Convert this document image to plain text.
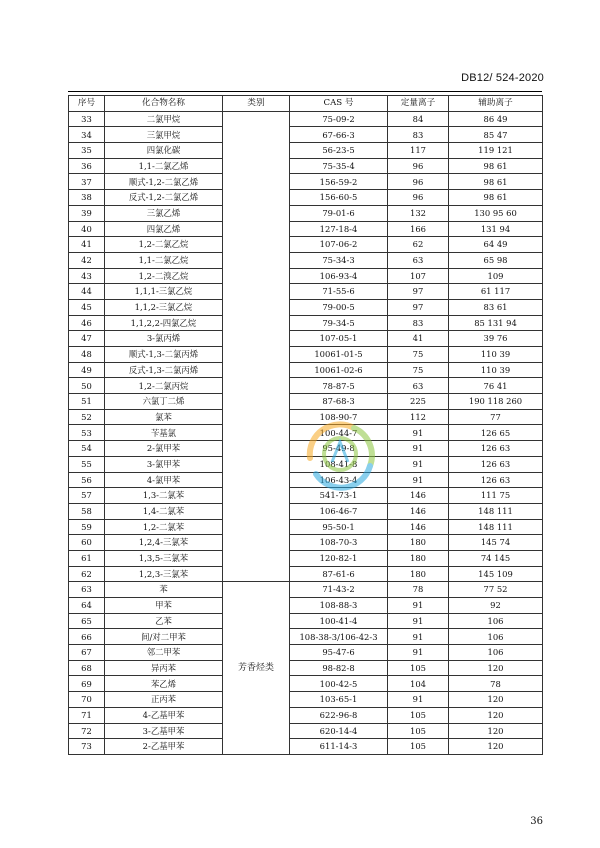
DB12/ 524-2020
序号	化合物名称	类别	CAS 号	定量离子	辅助离子
33	二氯甲烷		75-09-2	84	86 49
34	三氯甲烷		67-66-3	83	85 47
35	四氯化碳		56-23-5	117	119 121
36	1,1-二氯乙烯		75-35-4	96	98 61
37	顺式-1,2-二氯乙烯		156-59-2	96	98 61
38	反式-1,2-二氯乙烯		156-60-5	96	98 61
39	三氯乙烯		79-01-6	132	130 95 60
40	四氯乙烯		127-18-4	166	131 94
41	1,2-二氯乙烷		107-06-2	62	64 49
42	1,1-二氯乙烷		75-34-3	63	65 98
43	1,2-二溴乙烷		106-93-4	107	109
44	1,1,1-三氯乙烷		71-55-6	97	61 117
45	1,1,2-三氯乙烷		79-00-5	97	83 61
46	1,1,2,2-四氯乙烷		79-34-5	83	85 131 94
47	3-氯丙烯		107-05-1	41	39 76
48	顺式-1,3-二氯丙烯		10061-01-5	75	110 39
49	反式-1,3-二氯丙烯		10061-02-6	75	110 39
50	1,2-二氯丙烷		78-87-5	63	76 41
51	六氯丁二烯		87-68-3	225	190 118 260
52	氯苯		108-90-7	112	77
53	苄基氯		100-44-7	91	126 65
54	2-氯甲苯		95-49-8	91	126 63
55	3-氯甲苯		108-41-8	91	126 63
56	4-氯甲苯		106-43-4	91	126 63
57	1,3-二氯苯		541-73-1	146	111 75
58	1,4-二氯苯		106-46-7	146	148 111
59	1,2-二氯苯		95-50-1	146	148 111
60	1,2,4-三氯苯		108-70-3	180	145 74
61	1,3,5-三氯苯		120-82-1	180	74 145
62	1,2,3-三氯苯		87-61-6	180	145 109
63	苯	芳香烃类	71-43-2	78	77 52
64	甲苯		108-88-3	91	92
65	乙苯		100-41-4	91	106
66	间/对二甲苯		108-38-3/106-42-3	91	106
67	邻二甲苯		95-47-6	91	106
68	异丙苯		98-82-8	105	120
69	苯乙烯		100-42-5	104	78
70	正丙苯		103-65-1	91	120
71	4-乙基甲苯		622-96-8	105	120
72	3-乙基甲苯		620-14-4	105	120
73	2-乙基甲苯		611-14-3	105	120
36
